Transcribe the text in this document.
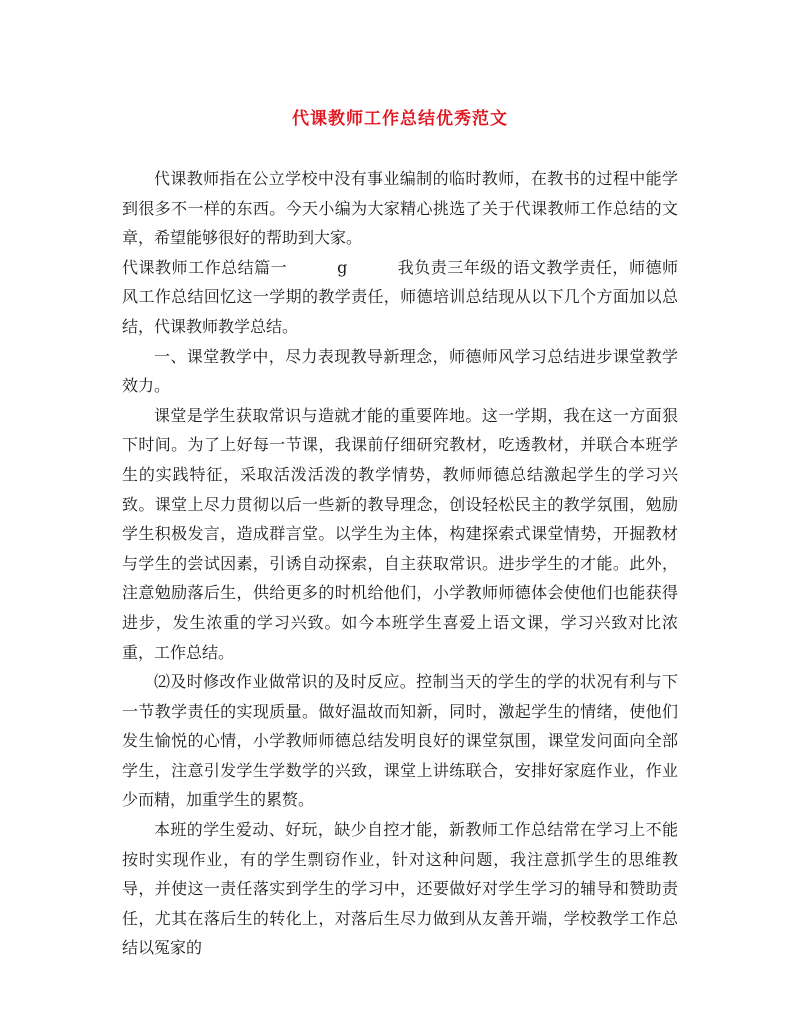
代课教师工作总结优秀范文

代课教师指在公立学校中没有事业编制的临时教师，在教书的过程中能学到很多不一样的东西。今天小编为大家精心挑选了关于代课教师工作总结的文章，希望能够很好的帮助到大家。

代课教师工作总结篇一	g	我负责三年级的语文教学责任，师德师风工作总结回忆这一学期的教学责任，师德培训总结现从以下几个方面加以总结，代课教师教学总结。

一、课堂教学中，尽力表现教导新理念，师德师风学习总结进步课堂教学效力。

课堂是学生获取常识与造就才能的重要阵地。这一学期，我在这一方面狠下时间。为了上好每一节课，我课前仔细研究教材，吃透教材，并联合本班学生的实践特征，采取活泼活泼的教学情势，教师师德总结激起学生的学习兴致。课堂上尽力贯彻以后一些新的教导理念，创设轻松民主的教学氛围，勉励学生积极发言，造成群言堂。以学生为主体，构建探索式课堂情势，开掘教材与学生的尝试因素，引诱自动探索，自主获取常识。进步学生的才能。此外，注意勉励落后生，供给更多的时机给他们，小学教师师德体会使他们也能获得进步，发生浓重的学习兴致。如今本班学生喜爱上语文课，学习兴致对比浓重，工作总结。

⑵及时修改作业做常识的及时反应。控制当天的学生的学的状况有利与下一节教学责任的实现质量。做好温故而知新，同时，激起学生的情绪，使他们发生愉悦的心情，小学教师师德总结发明良好的课堂氛围，课堂发问面向全部学生，注意引发学生学数学的兴致，课堂上讲练联合，安排好家庭作业，作业少而精，加重学生的累赘。

本班的学生爱动、好玩，缺少自控才能，新教师工作总结常在学习上不能按时实现作业，有的学生剽窃作业，针对这种问题，我注意抓学生的思维教导，并使这一责任落实到学生的学习中，还要做好对学生学习的辅导和赞助责任，尤其在落后生的转化上，对落后生尽力做到从友善开端，学校教学工作总结以冤家的
